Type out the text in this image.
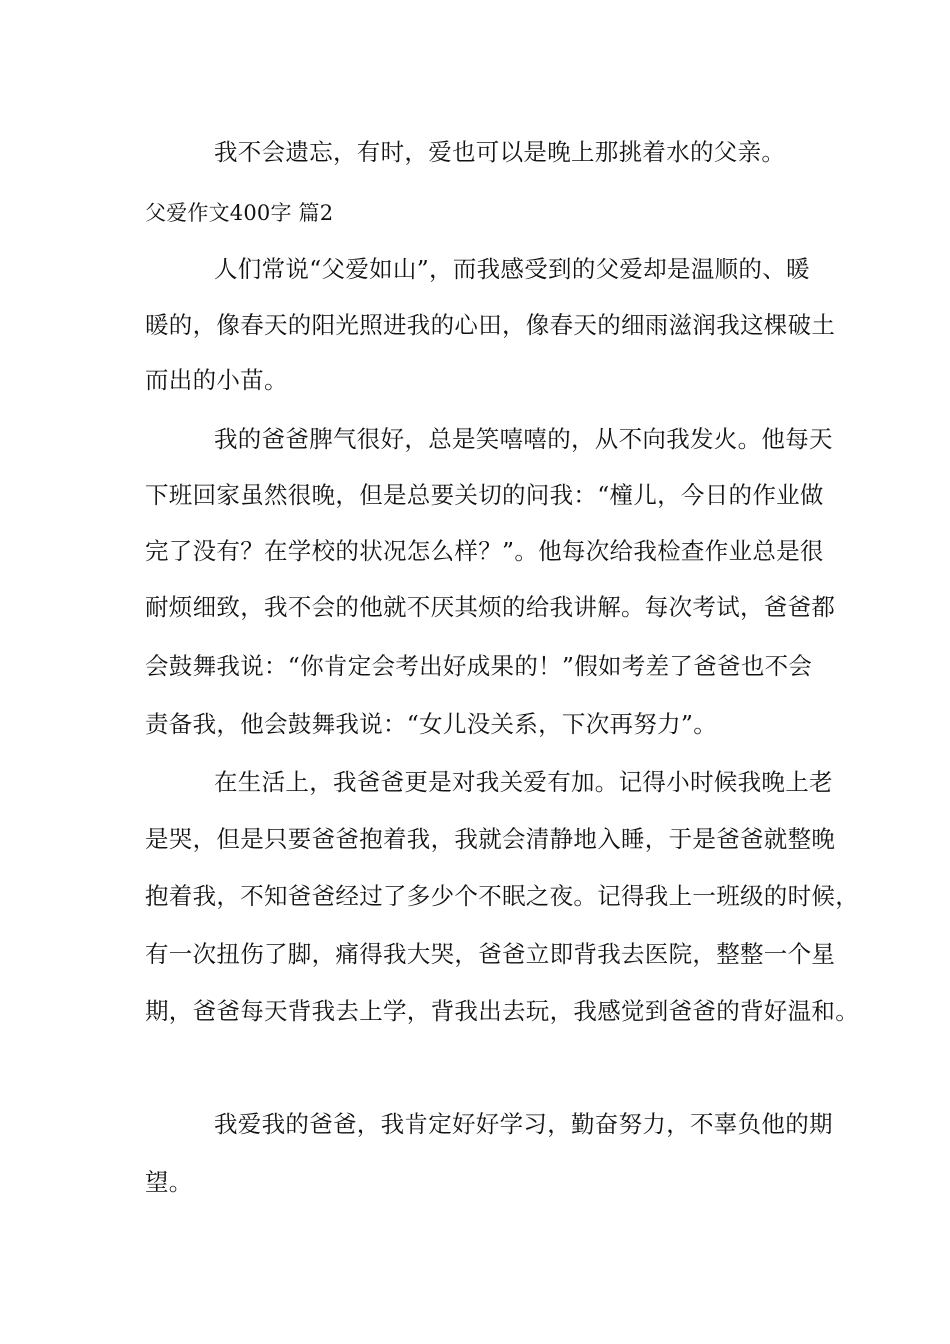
我不会遗忘，有时，爱也可以是晚上那挑着水的父亲。

父爱作文400字 篇2

人们常说“父爱如山”，而我感受到的父爱却是温顺的、暖

暖的，像春天的阳光照进我的心田，像春天的细雨滋润我这棵破土

而出的小苗。

我的爸爸脾气很好，总是笑嘻嘻的，从不向我发火。他每天

下班回家虽然很晚，但是总要关切的问我：“橦儿，今日的作业做

完了没有？在学校的状况怎么样？”。他每次给我检查作业总是很

耐烦细致，我不会的他就不厌其烦的给我讲解。每次考试，爸爸都

会鼓舞我说：“你肯定会考出好成果的！”假如考差了爸爸也不会

责备我，他会鼓舞我说：“女儿没关系，下次再努力”。

在生活上，我爸爸更是对我关爱有加。记得小时候我晚上老

是哭，但是只要爸爸抱着我，我就会清静地入睡，于是爸爸就整晚

抱着我，不知爸爸经过了多少个不眠之夜。记得我上一班级的时候，

有一次扭伤了脚，痛得我大哭，爸爸立即背我去医院，整整一个星

期，爸爸每天背我去上学，背我出去玩，我感觉到爸爸的背好温和。

我爱我的爸爸，我肯定好好学习，勤奋努力，不辜负他的期

望。
